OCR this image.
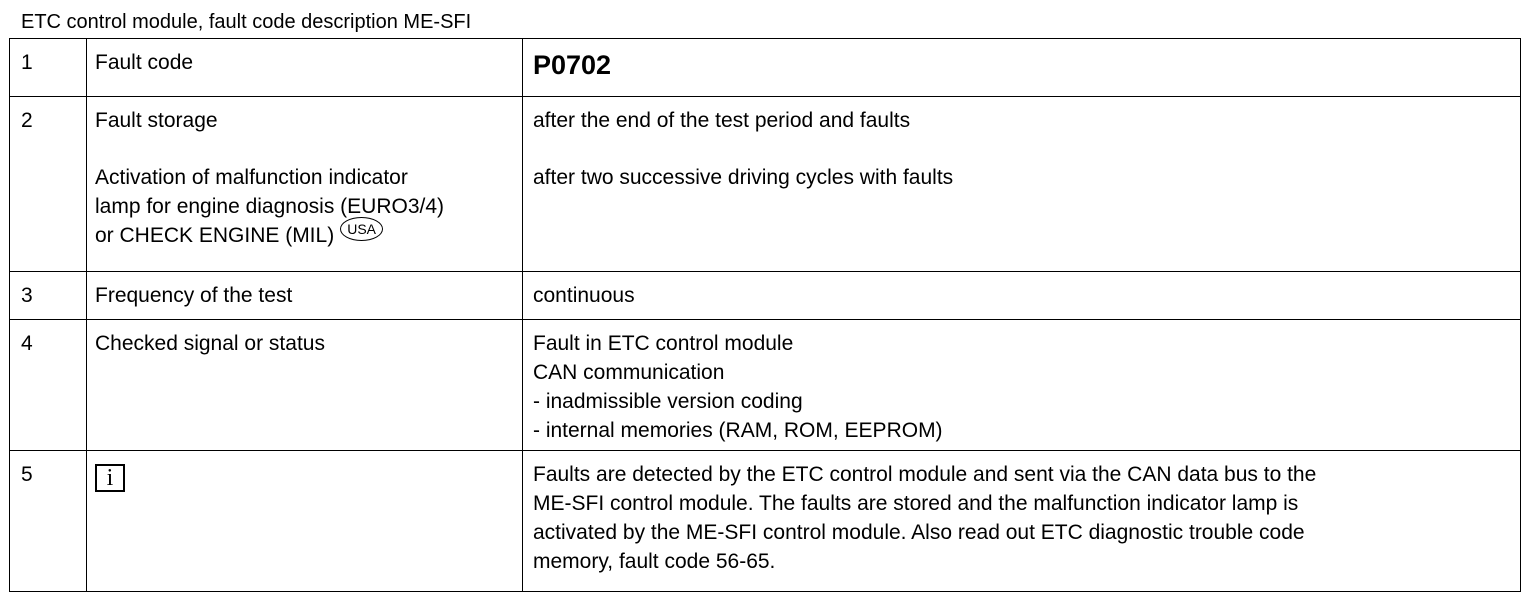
ETC control module, fault code description ME-SFI
1	Fault code	P0702
2	Fault storage
Activation of malfunction indicator
lamp for engine diagnosis (EURO3/4)
or CHECK ENGINE (MIL) USA	after the end of the test period and faults
after two successive driving cycles with faults

3	Frequency of the test	continuous
4	Checked signal or status	Fault in ETC control module
CAN communication
- inadmissible version coding
- internal memories (RAM, ROM, EEPROM)

5	i	Faults are detected by the ETC control module and sent via the CAN data bus to the
ME-SFI control module. The faults are stored and the malfunction indicator lamp is
activated by the ME-SFI control module. Also read out ETC diagnostic trouble code
memory, fault code 56-65.
